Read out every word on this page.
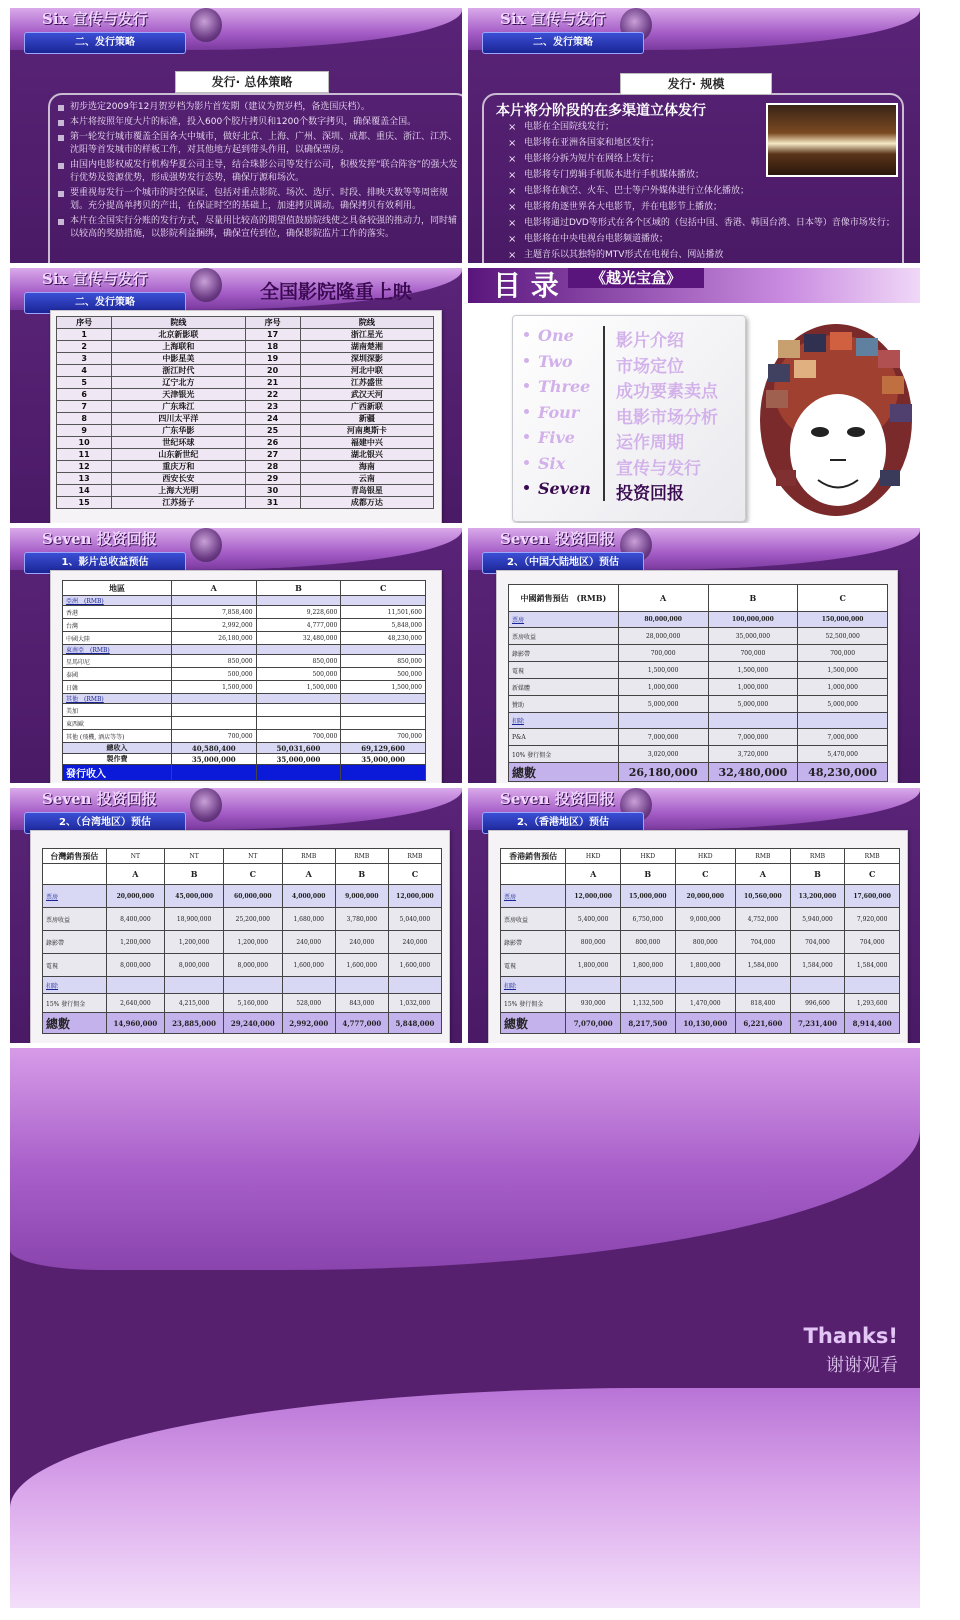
Six 宣传与发行
二、发行策略
初步选定2009年12月贺岁档为影片首发期（建议为贺岁档，备选国庆档）。
本片将按照年度大片的标准，投入600个胶片拷贝和1200个数字拷贝，确保覆盖全国。
第一轮发行城市覆盖全国各大中城市，做好北京、上海、广州、深圳、成都、重庆、浙江、江苏、沈阳等首发城市的样板工作，对其他地方起到带头作用，以确保票房。
由国内电影权威发行机构华夏公司主导，结合珠影公司等发行公司，积极发挥“联合阵容”的强大发行优势及资源优势，形成强势发行态势，确保厅源和场次。
要重视每发行一个城市的时空保证，包括对重点影院、场次、选厅、时段、排映天数等等周密规划。充分提高单拷贝的产出，在保证时空的基础上，加速拷贝调动。确保拷贝有效利用。
本片在全国实行分账的发行方式，尽量用比较高的期望值鼓励院线使之具备较强的推动力，同时辅以较高的奖励措施，以影院利益捆绑，确保宣传到位，确保影院监片工作的落实。
发行· 总体策略
Six 宣传与发行
二、发行策略
发行· 规模
本片将分阶段的在多渠道立体发行
× 电影在全国院线发行；
× 电影将在亚洲各国家和地区发行；
× 电影将分拆为短片在网络上发行；
× 电影将专门剪辑手机版本进行手机媒体播放；
× 电影将在航空、火车、巴士等户外媒体进行立体化播放；
× 电影将角逐世界各大电影节，并在电影节上播放；
× 电影将通过DVD等形式在各个区域的（包括中国、香港、韩国台湾、日本等）音像市场发行；
× 电影将在中央电视台电影频道播放；
× 主题音乐以其独特的MTV形式在电视台、网站播放
Six 宣传与发行
二、发行策略	全国影院隆重上映
序号	院线	序号	院线
1	北京新影联	17	浙江星光
2	上海联和	18	湖南楚湘
3	中影星美	19	深圳深影
4	浙江时代	20	河北中联
5	辽宁北方	21	江苏盛世
6	天津银光	22	武汉天河
7	广东珠江	23	广西新联
8	四川太平洋	24	新疆
9	广东华影	25	河南奥斯卡
10	世纪环球	26	福建中兴
11	山东新世纪	27	湖北银兴
12	重庆万和	28	海南
13	西安长安	29	云南
14	上海大光明	30	青岛银星
15	江苏扬子	31	成都万达
目 录	《越光宝盒》
One 影片介绍
Two	市场定位
Three 成功要素卖点
Four 电影市场分析
Five 运作周期
Six	宣传与发行
Seven 投资回报
Seven 投资回报
1、影片总收益预估
地區	A	B	C
亞洲　(RMB)			
香港	7,858,400	9,228,600	11,501,600
台灣	2,992,000	4,777,000	5,848,000
中國大陸	26,180,000	32,480,000	48,230,000
東南亞　(RMB)			
星馬印尼	850,000	850,000	850,000
泰國	500,000	500,000	500,000
日韓	1,500,000	1,500,000	1,500,000
其他　(RMB)			
美加			
東西歐			
其他 (飛機, 酒店等等)	700,000	700,000	700,000
總收入	40,580,400	50,031,600	69,129,600
製作費	35,000,000	35,000,000	35,000,000
發行收入			
Seven 投资回报
2、（中国大陆地区）预估
中國銷售預估　(RMB)	A	B	C
票房	80,000,000	100,000,000	150,000,000
票房收益	28,000,000	35,000,000	52,500,000
錄影帶	700,000	700,000	700,000
電視	1,500,000	1,500,000	1,500,000
新媒體	1,000,000	1,000,000	1,000,000
贊助	5,000,000	5,000,000	5,000,000
扣除			
P&A	7,000,000	7,000,000	7,000,000
10% 發行佣金	3,020,000	3,720,000	5,470,000
總數	26,180,000	32,480,000	48,230,000
Seven 投资回报
2、（台湾地区）预估
台灣銷售預估	NT	NT	NT	RMB	RMB	RMB
	A	B	C	A	B	C
票房	20,000,000	45,000,000	60,000,000	4,000,000	9,000,000	12,000,000
票房收益	8,400,000	18,900,000	25,200,000	1,680,000	3,780,000	5,040,000
錄影帶	1,200,000	1,200,000	1,200,000	240,000	240,000	240,000
電視	8,000,000	8,000,000	8,000,000	1,600,000	1,600,000	1,600,000
扣除						
15% 發行佣金	2,640,000	4,215,000	5,160,000	528,000	843,000	1,032,000
總數	14,960,000	23,885,000	29,240,000	2,992,000	4,777,000	5,848,000
Seven 投资回报
2、（香港地区）预估
香港銷售預估	HKD	HKD	HKD	RMB	RMB	RMB
	A	B	C	A	B	C
票房	12,000,000	15,000,000	20,000,000	10,560,000	13,200,000	17,600,000
票房收益	5,400,000	6,750,000	9,000,000	4,752,000	5,940,000	7,920,000
錄影帶	800,000	800,000	800,000	704,000	704,000	704,000
電視	1,800,000	1,800,000	1,800,000	1,584,000	1,584,000	1,584,000
扣除						
15% 發行佣金	930,000	1,132,500	1,470,000	818,400	996,600	1,293,600
總數	7,070,000	8,217,500	10,130,000	6,221,600	7,231,400	8,914,400
Thanks!
谢谢观看
